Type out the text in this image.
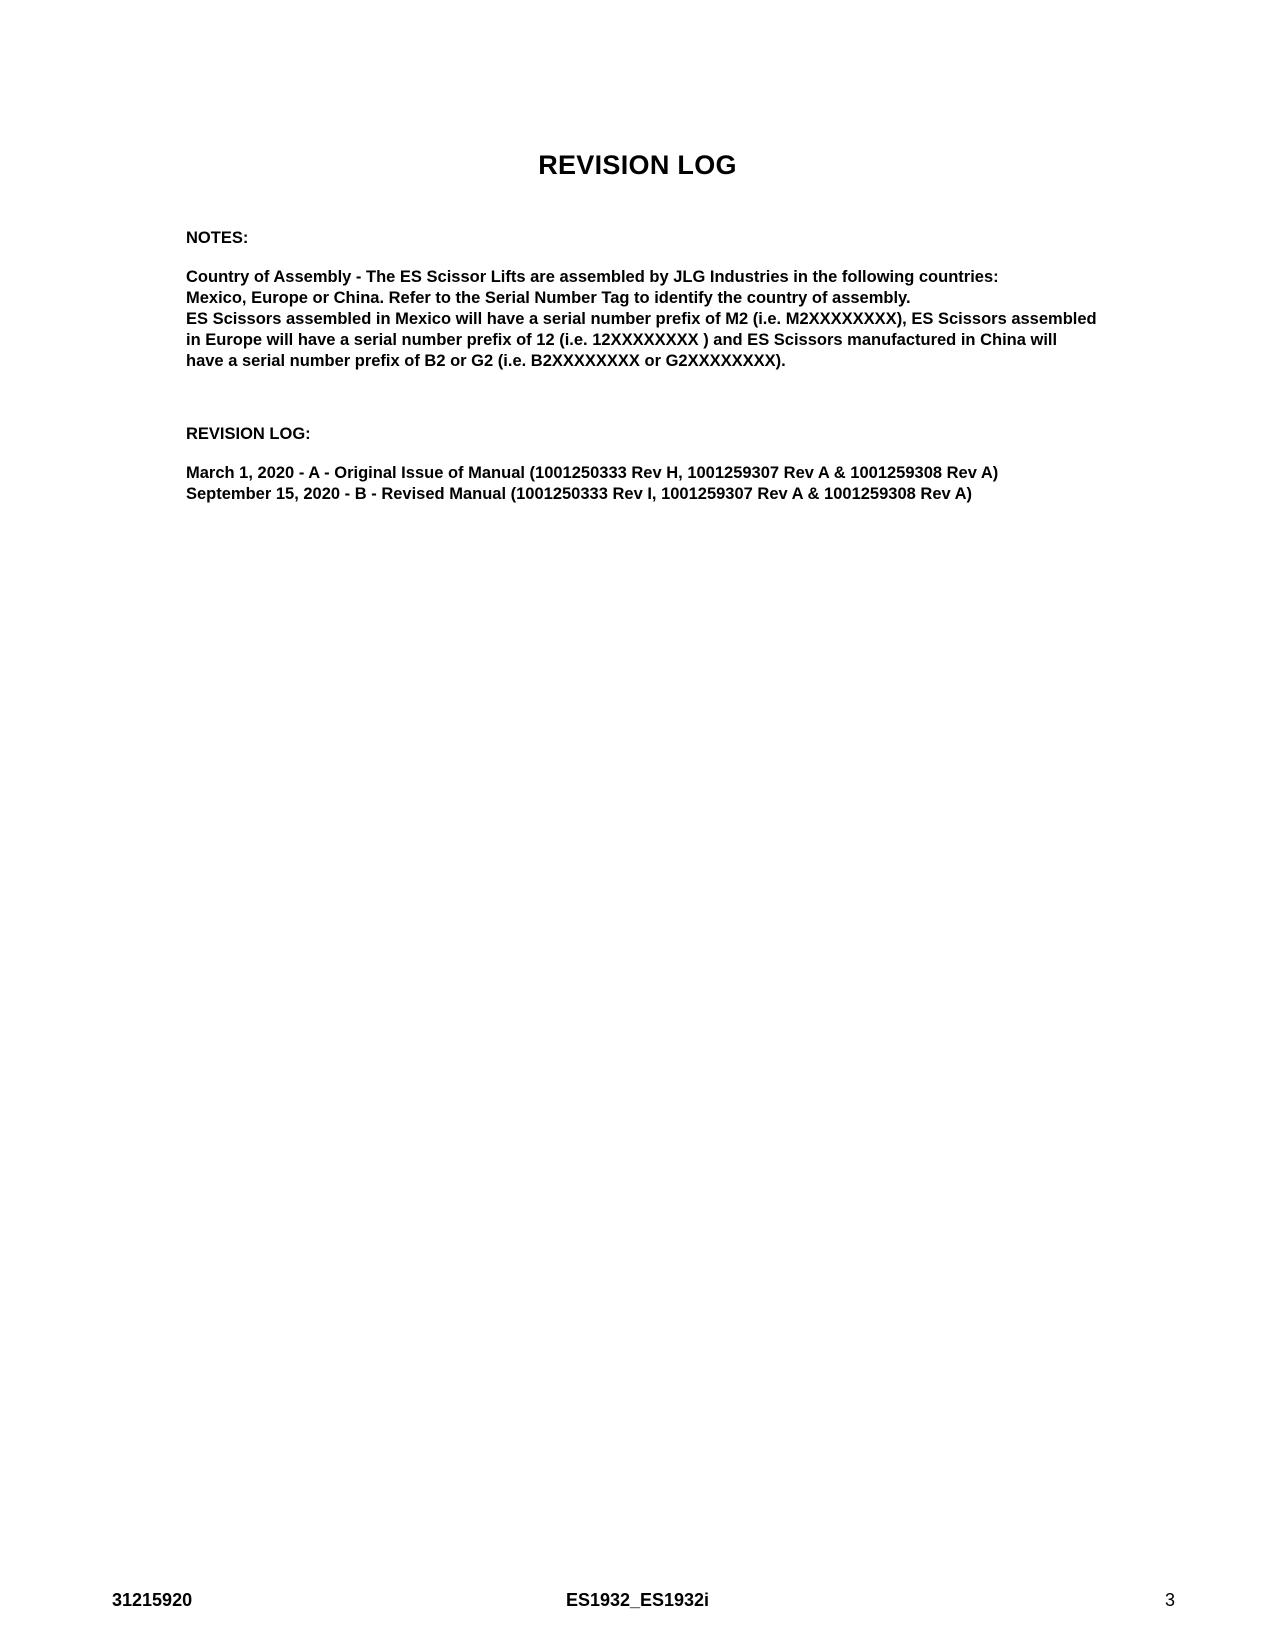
REVISION LOG
NOTES:

Country of Assembly - The ES Scissor Lifts are assembled by JLG Industries in the following countries:

Mexico, Europe or China. Refer to the Serial Number Tag to identify the country of assembly.

ES Scissors assembled in Mexico will have a serial number prefix of M2 (i.e. M2XXXXXXXX), ES Scissors assembled

in Europe will have a serial number prefix of 12 (i.e. 12XXXXXXXX ) and ES Scissors manufactured in China will

have a serial number prefix of B2 or G2 (i.e. B2XXXXXXXX or G2XXXXXXXX).

REVISION LOG:

March 1, 2020 - A - Original Issue of Manual (1001250333 Rev H, 1001259307 Rev A & 1001259308 Rev A)

September 15, 2020 - B - Revised Manual (1001250333 Rev I, 1001259307 Rev A & 1001259308 Rev A)

31215920	ES1932_ES1932i	3
